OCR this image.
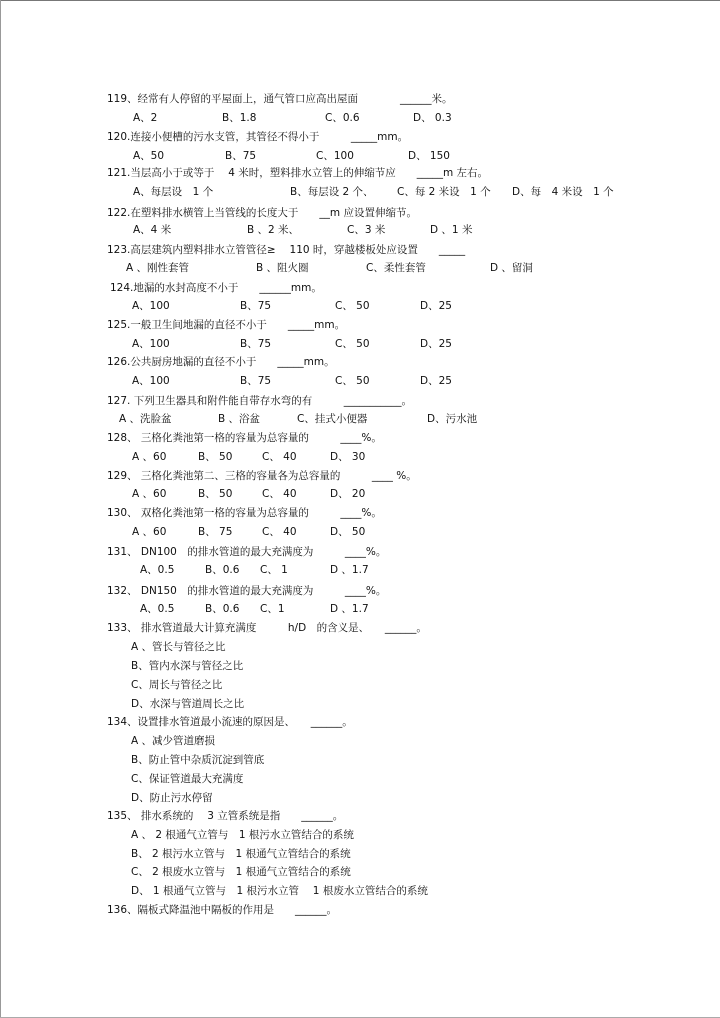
119、经常有人停留的平屋面上，通气管口应高出屋面　　　　______米。
A、2	B、1.8	C、0.6	D、 0.3
120.连接小便槽的污水支管，其管径不得小于　　　_____mm。
A、50	B、75	C、100	D、 150
121.当层高小于或等于　 4 米时，塑料排水立管上的伸缩节应　　_____m 左右。
A、每层设　1 个	B、每层设 2 个、 C、每 2 米设　1 个 D、每　4 米设　1 个
122.在塑料排水横管上当管线的长度大于　　__m 应设置伸缩节。
A、4 米	B 、2 米、	C、3 米	D 、1 米
123.高层建筑内塑料排水立管管径≥　 110 时，穿越楼板处应设置　　_____
A 、刚性套管	B 、阻火圈	C、柔性套管	D 、留洞
124.地漏的水封高度不小于　　______mm。
A、100	B、75	C、 50	D、25
125.一般卫生间地漏的直径不小于　　_____mm。
A、100	B、75	C、 50	D、25
126.公共厨房地漏的直径不小于　　_____mm。
A、100	B、75	C、 50	D、25
127. 下列卫生器具和附件能自带存水弯的有　　　___________。
A 、洗脸盆	B 、浴盆	C、挂式小便器	D、污水池
128、 三格化粪池第一格的容量为总容量的　　　____%。
A 、60	B、 50	C、 40	D、 30
129、 三格化粪池第二、三格的容量各为总容量的　　　____ %。
A 、60	B、 50	C、 40	D、 20
130、 双格化粪池第一格的容量为总容量的　　　____%。
A 、60	B、 75	C、 40	D、 50
131、 DN100　的排水管道的最大充满度为　　　____%。
A、0.5	B、0.6 C、 1	D 、1.7
132、 DN150　的排水管道的最大充满度为　　　____%。
A、0.5	B、0.6 C、1	D 、1.7
133、 排水管道最大计算充满度　　　h/D　的含义是、　　______。
A 、管长与管径之比
B、管内水深与管径之比
C、周长与管径之比
D、水深与管道周长之比
134、设置排水管道最小流速的原因是、　　______。
A 、减少管道磨损
B、防止管中杂质沉淀到管底
C、保证管道最大充满度
D、防止污水停留
135、 排水系统的　 3 立管系统是指　　______。
A 、 2 根通气立管与　1 根污水立管结合的系统
B、 2 根污水立管与　1 根通气立管结合的系统
C、 2 根废水立管与　1 根通气立管结合的系统
D、 1 根通气立管与　1 根污水立管　 1 根废水立管结合的系统
136、隔板式降温池中隔板的作用是　　______。
